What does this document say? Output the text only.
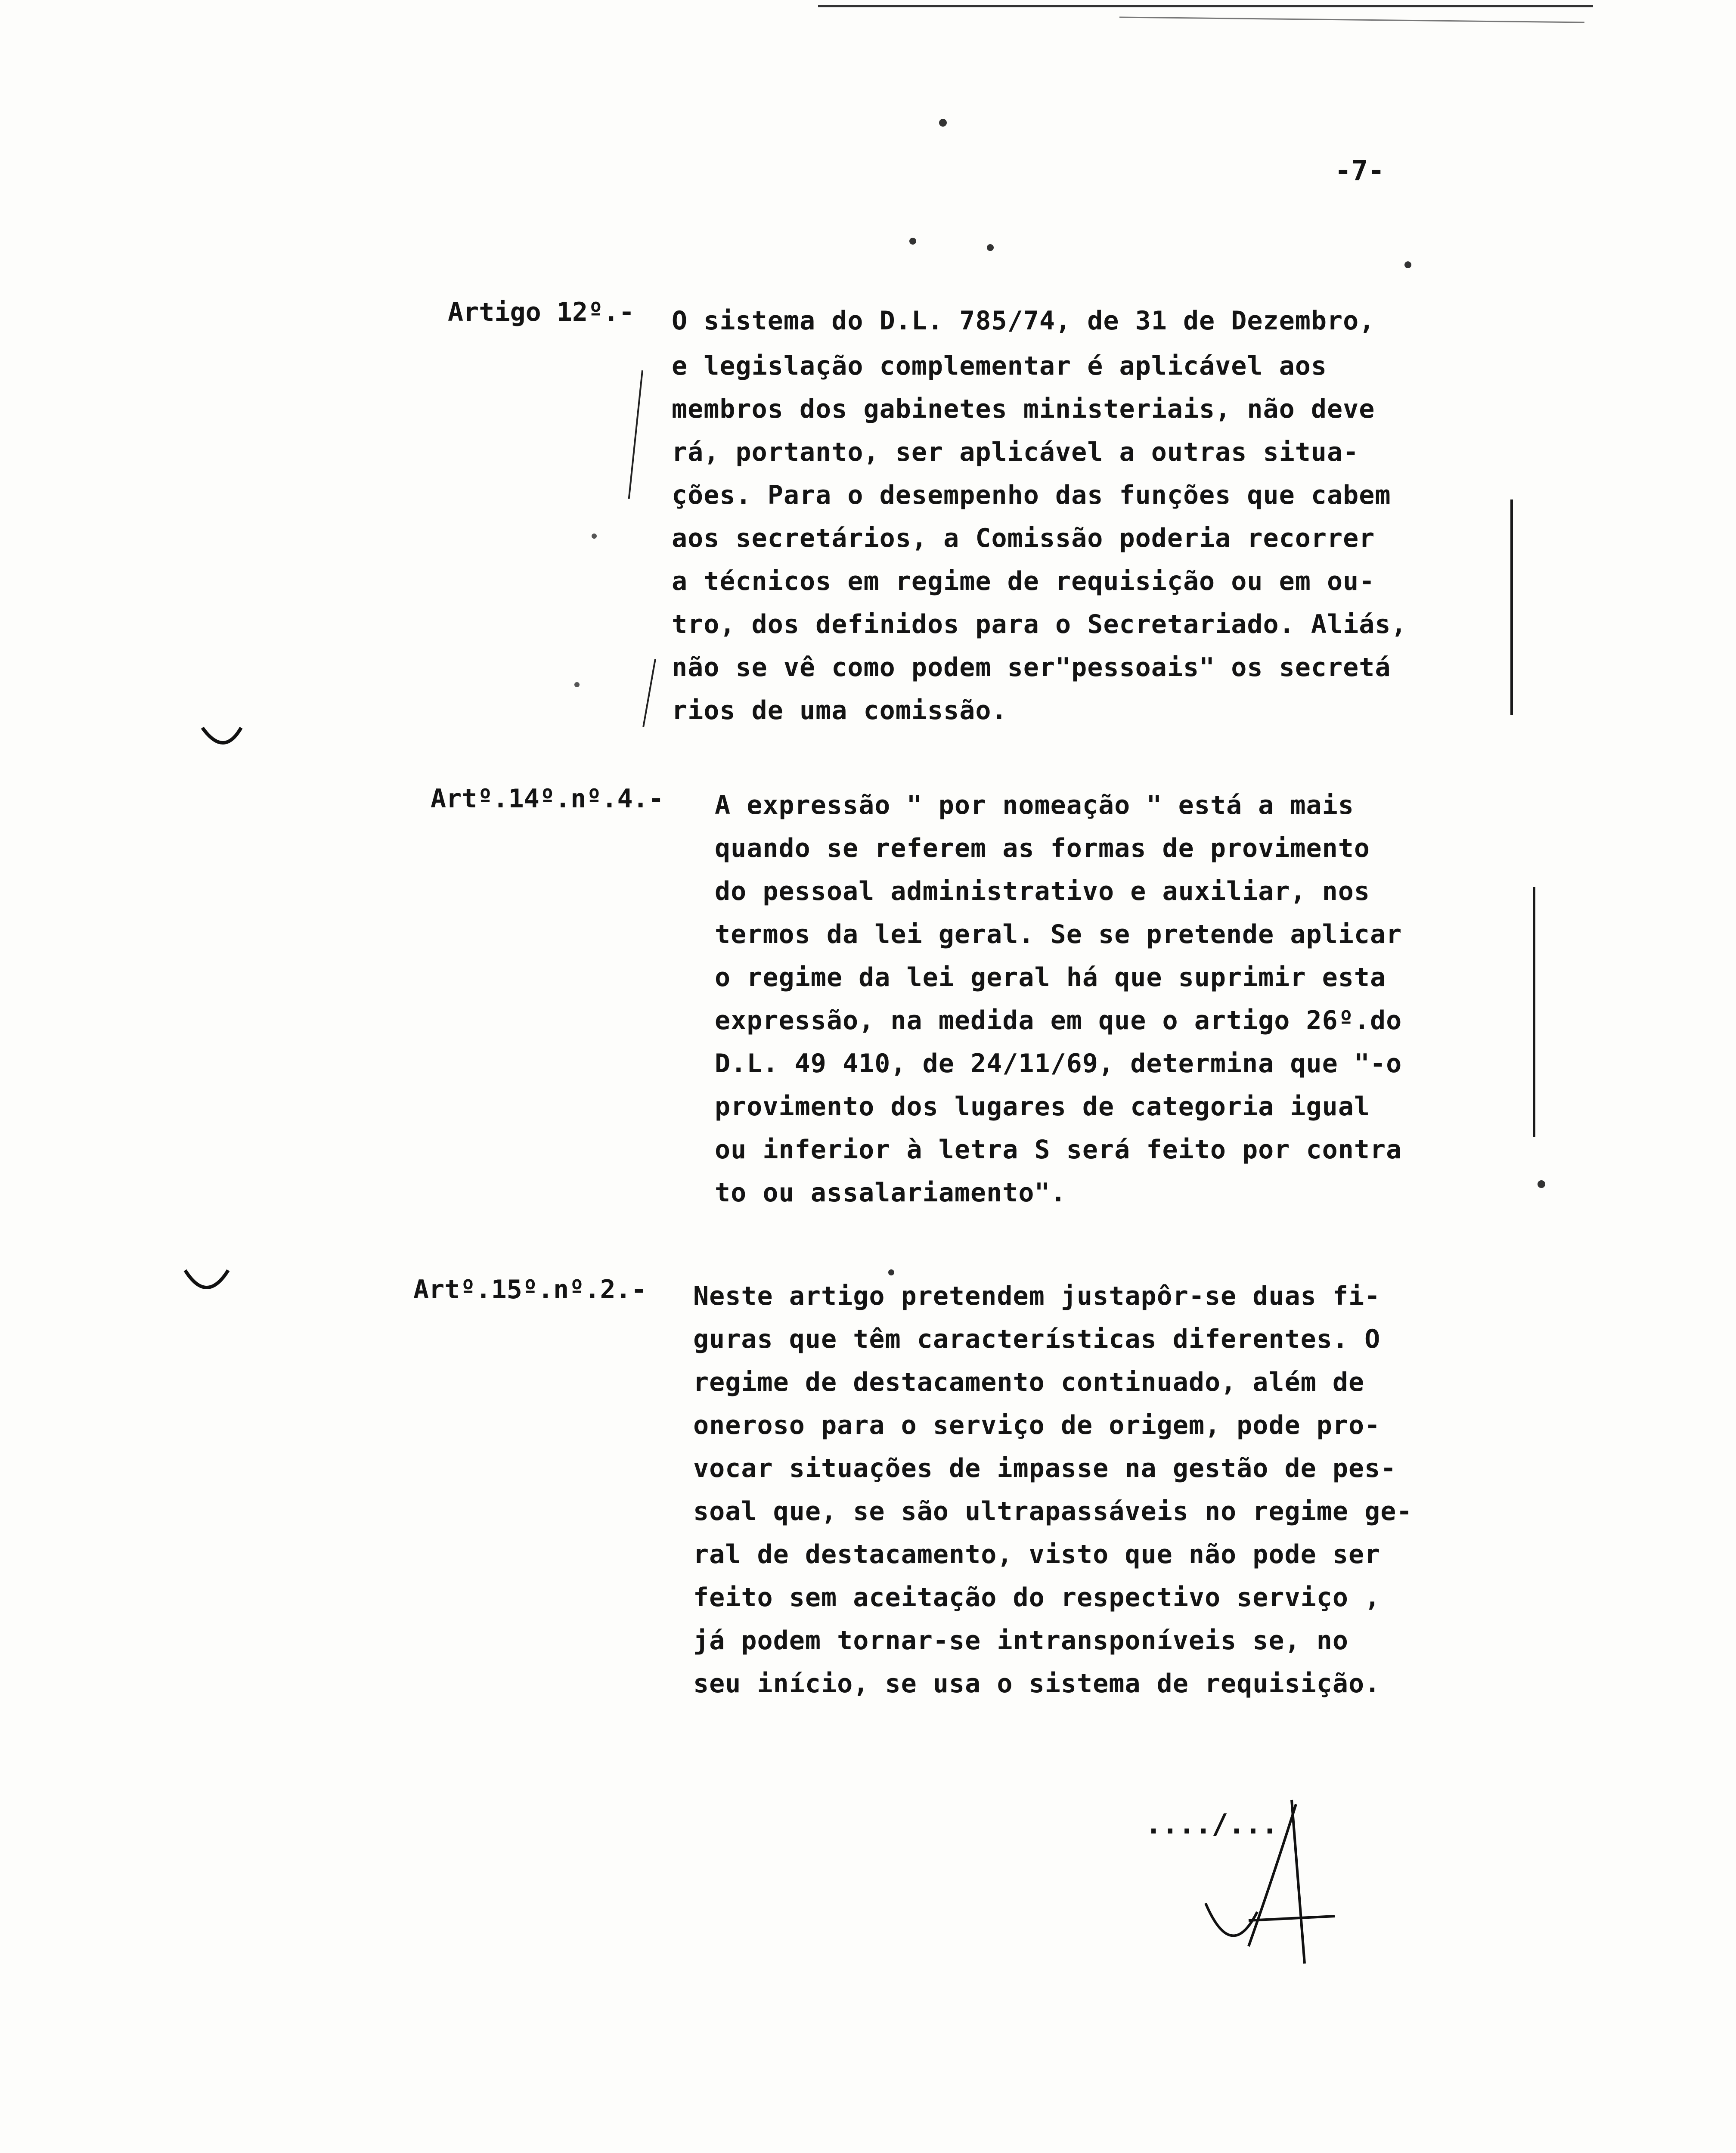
-7-
Artigo 12º.- O sistema do D.L. 785/74, de 31 de Dezembro,
e legislação complementar é aplicável aos
membros dos gabinetes ministeriais, não deve
rá, portanto, ser aplicável a outras situa-
ções. Para o desempenho das funções que cabem
aos secretários, a Comissão poderia recorrer
a técnicos em regime de requisição ou em ou-
tro, dos definidos para o Secretariado. Aliás,
não se vê como podem ser"pessoais" os secretá
rios de uma comissão.
Artº.14º.nº.4.- A expressão " por nomeação " está a mais
quando se referem as formas de provimento
do pessoal administrativo e auxiliar, nos
termos da lei geral. Se se pretende aplicar
o regime da lei geral há que suprimir esta
expressão, na medida em que o artigo 26º.do
D.L. 49 410, de 24/11/69, determina que "-o
provimento dos lugares de categoria igual
ou inferior à letra S será feito por contra
to ou assalariamento".
Artº.15º.nº.2.- Neste artigo pretendem justapôr-se duas fi-
guras que têm características diferentes. O
regime de destacamento continuado, além de
oneroso para o serviço de origem, pode pro-
vocar situações de impasse na gestão de pes-
soal que, se são ultrapassáveis no regime ge-
ral de destacamento, visto que não pode ser
feito sem aceitação do respectivo serviço ,
já podem tornar-se intransponíveis se, no
seu início, se usa o sistema de requisição.
..../...
